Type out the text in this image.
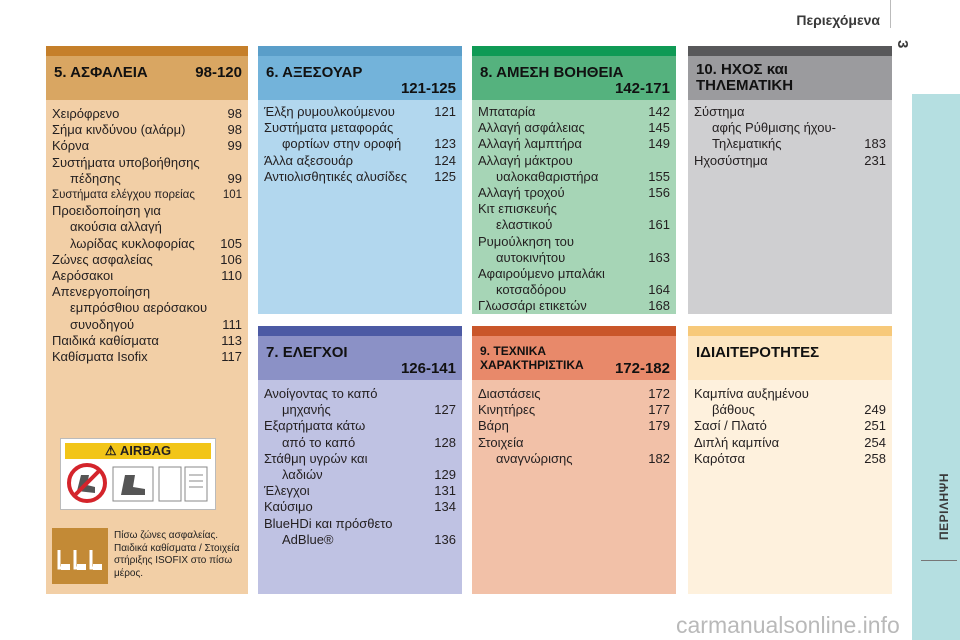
Περιεχόμενα
3
ΠΕΡΙΛΗΨΗ
5. ΑΣΦΑΛΕΙΑ	98-120
Χειρόφρενο	98
Σήμα κινδύνου (αλάρμ)	98
Κόρνα	99
Συστήματα υποβοήθησης
πέδησης	99
Συστήματα ελέγχου πορείας 101
Προειδοποίηση για
ακούσια αλλαγή λωρίδας κυκλοφορίας	105
Ζώνες ασφαλείας	106
Αερόσακοι	110
Απενεργοποίηση
εμπρόσθιου αερόσακου συνοδηγού	111
Παιδικά καθίσματα	113
Καθίσματα Isofix	117
⚠ AIRBAG
Πίσω ζώνες ασφαλείας. Παιδικά καθίσματα / Στοιχεία στήριξης ISOFIX στο πίσω μέρος.
6. ΑΞΕΣΟΥΑΡ
121-125
Έλξη ρυμουλκούμενου	121
Συστήματα μεταφοράς
φορτίων στην οροφή	123
Άλλα αξεσουάρ	124
Αντιολισθητικές αλυσίδες 125
8. ΑΜΕΣΗ ΒΟΗΘΕΙΑ
142-171
Μπαταρία	142
Αλλαγή ασφάλειας	145
Αλλαγή λαμπτήρα	149
Αλλαγή μάκτρου
υαλοκαθαριστήρα	155
Αλλαγή τροχού	156
Κιτ επισκευής
ελαστικού	161
Ρυμούλκηση του
αυτοκινήτου	163
Αφαιρούμενο μπαλάκι
κοτσαδόρου	164
Γλωσσάρι ετικετών	168
10. ΗΧΟΣ και ΤΗΛΕΜΑΤΙΚΗ
Σύστημα
αφής Ρύθμισης ήχου-Τηλεματικής	183
Ηχοσύστημα	231
7. ΕΛΕΓΧΟΙ
126-141
Ανοίγοντας το καπό
μηχανής	127
Εξαρτήματα κάτω
από το καπό	128
Στάθμη υγρών και
λαδιών	129
Έλεγχοι	131
Καύσιμο	134
BlueHDi και πρόσθετο
AdBlue®	136
9. ΤΕΧΝΙΚΑ ΧΑΡΑΚΤΗΡΙΣΤΙΚΑ	172-182
Διαστάσεις	172
Κινητήρες	177
Βάρη	179
Στοιχεία
αναγνώρισης	182
ΙΔΙΑΙΤΕΡΟΤΗΤΕΣ
Καμπίνα αυξημένου
βάθους	249
Σασί / Πλατό	251
Διπλή καμπίνα	254
Καρότσα	258
carmanualsonline.info
